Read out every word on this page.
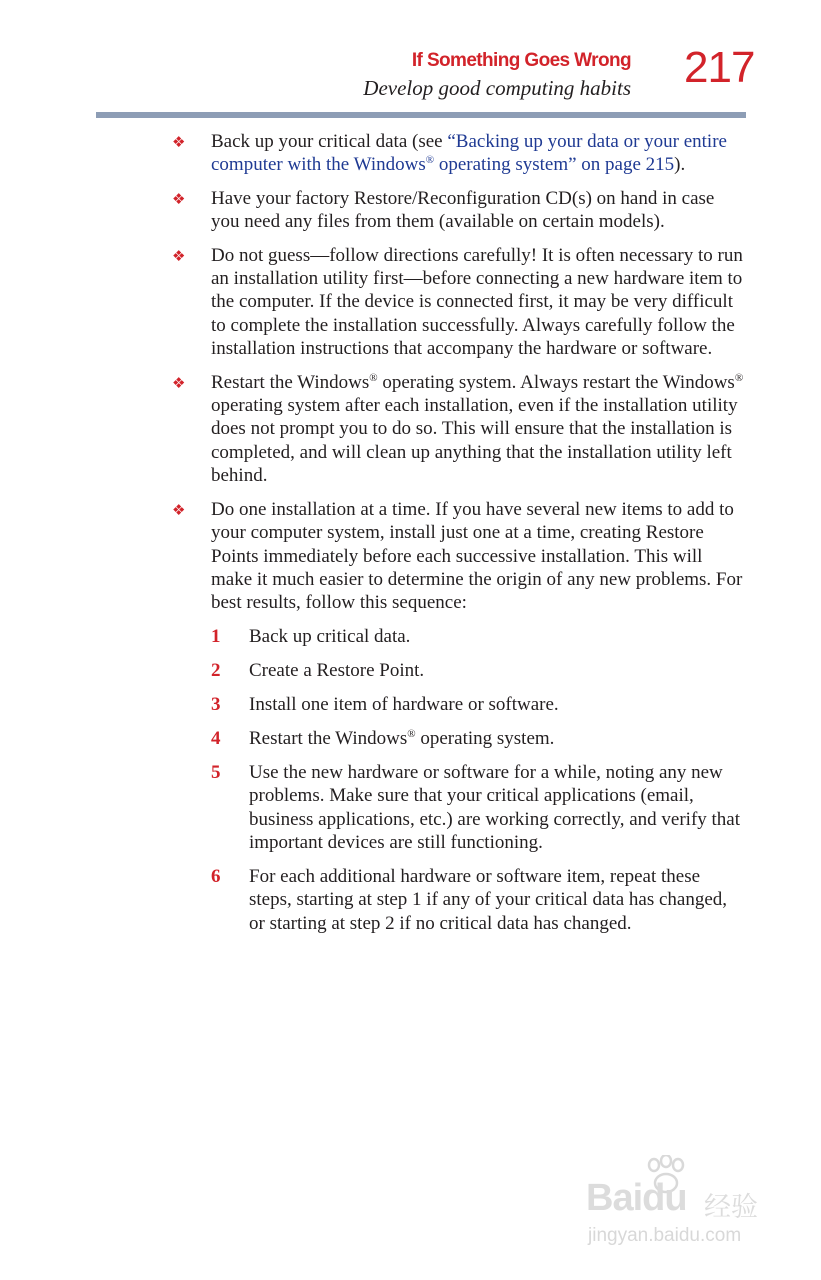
If Something Goes Wrong
Develop good computing habits 217
❖ Back up your critical data (see “Backing up your data or your entire computer with the Windows® operating system” on page 215).
❖ Have your factory Restore/Reconfiguration CD(s) on hand in case you need any files from them (available on certain models).
❖ Do not guess—follow directions carefully! It is often necessary to run an installation utility first—before connecting a new hardware item to the computer. If the device is connected first, it may be very difficult to complete the installation successfully. Always carefully follow the installation instructions that accompany the hardware or software.
❖ Restart the Windows® operating system. Always restart the Windows® operating system after each installation, even if the installation utility does not prompt you to do so. This will ensure that the installation is completed, and will clean up anything that the installation utility left behind.
❖ Do one installation at a time. If you have several new items to add to your computer system, install just one at a time, creating Restore Points immediately before each successive installation. This will make it much easier to determine the origin of any new problems. For best results, follow this sequence:
1 Back up critical data.
2 Create a Restore Point.
3 Install one item of hardware or software.
4 Restart the Windows® operating system.
5 Use the new hardware or software for a while, noting any new problems. Make sure that your critical applications (email, business applications, etc.) are working correctly, and verify that important devices are still functioning.
6 For each additional hardware or software item, repeat these steps, starting at step 1 if any of your critical data has changed, or starting at step 2 if no critical data has changed.
Baidu 经验
jingyan.baidu.com
